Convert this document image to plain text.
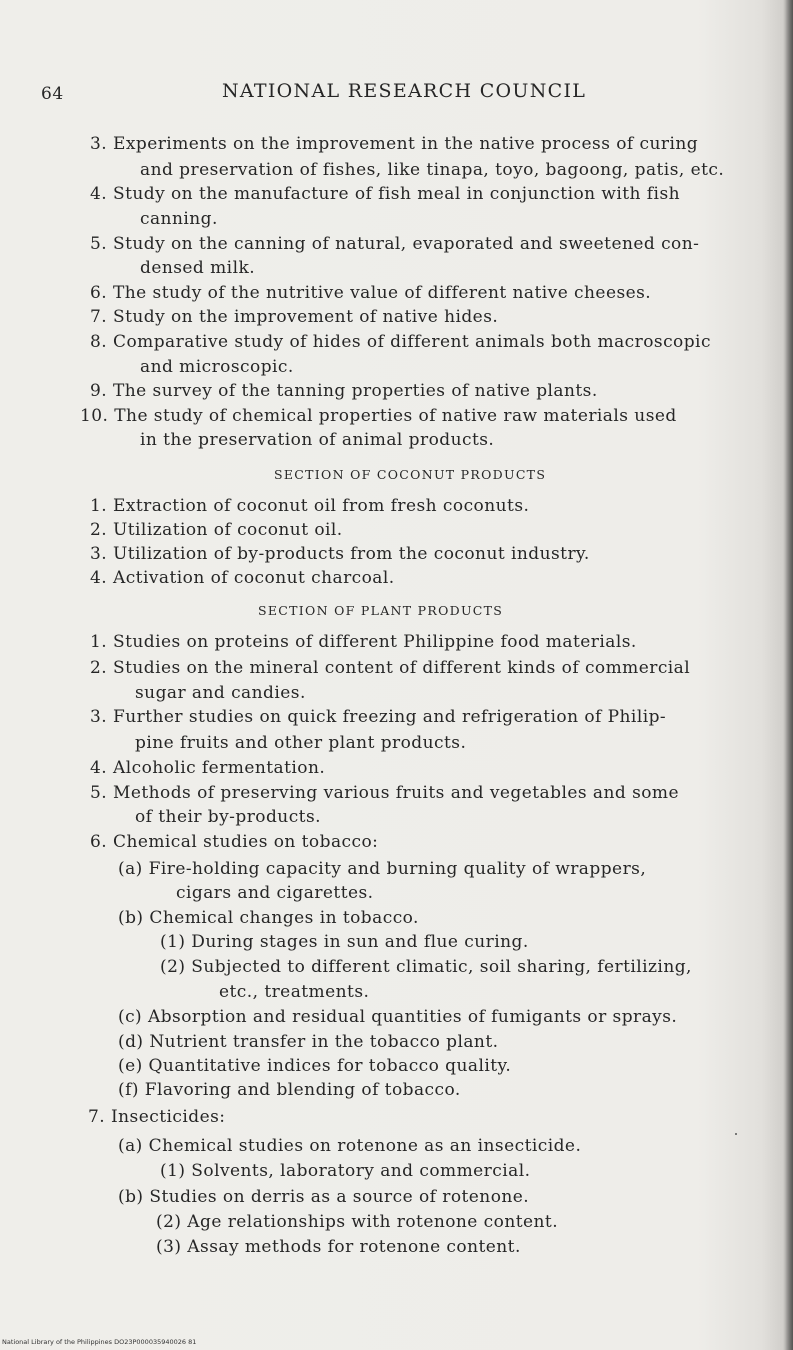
64	NATIONAL RESEARCH COUNCIL
3. Experiments on the improvement in the native process of curing
and preservation of fishes, like tinapa, toyo, bagoong, patis, etc.
4. Study on the manufacture of fish meal in conjunction with fish
canning.
5. Study on the canning of natural, evaporated and sweetened con-
densed milk.
6. The study of the nutritive value of different native cheeses.
7. Study on the improvement of native hides.
8. Comparative study of hides of different animals both macroscopic
and microscopic.
9. The survey of the tanning properties of native plants.
10. The study of chemical properties of native raw materials used
in the preservation of animal products.
SECTION OF COCONUT PRODUCTS
1. Extraction of coconut oil from fresh coconuts.
2. Utilization of coconut oil.
3. Utilization of by-products from the coconut industry.
4. Activation of coconut charcoal.
SECTION OF PLANT PRODUCTS
1. Studies on proteins of different Philippine food materials.
2. Studies on the mineral content of different kinds of commercial
sugar and candies.
3. Further studies on quick freezing and refrigeration of Philip-
pine fruits and other plant products.
4. Alcoholic fermentation.
5. Methods of preserving various fruits and vegetables and some
of their by-products.
6. Chemical studies on tobacco:
(a) Fire-holding capacity and burning quality of wrappers,
cigars and cigarettes.
(b) Chemical changes in tobacco.
(1) During stages in sun and flue curing.
(2) Subjected to different climatic, soil sharing, fertilizing,
etc., treatments.
(c) Absorption and residual quantities of fumigants or sprays.
(d) Nutrient transfer in the tobacco plant.
(e) Quantitative indices for tobacco quality.
(f) Flavoring and blending of tobacco.
7. Insecticides:
(a) Chemical studies on rotenone as an insecticide.
(1) Solvents, laboratory and commercial.
(b) Studies on derris as a source of rotenone.
(2) Age relationships with rotenone content.
(3) Assay methods for rotenone content.
National Library of the Philippines DO23P000035940026 81
